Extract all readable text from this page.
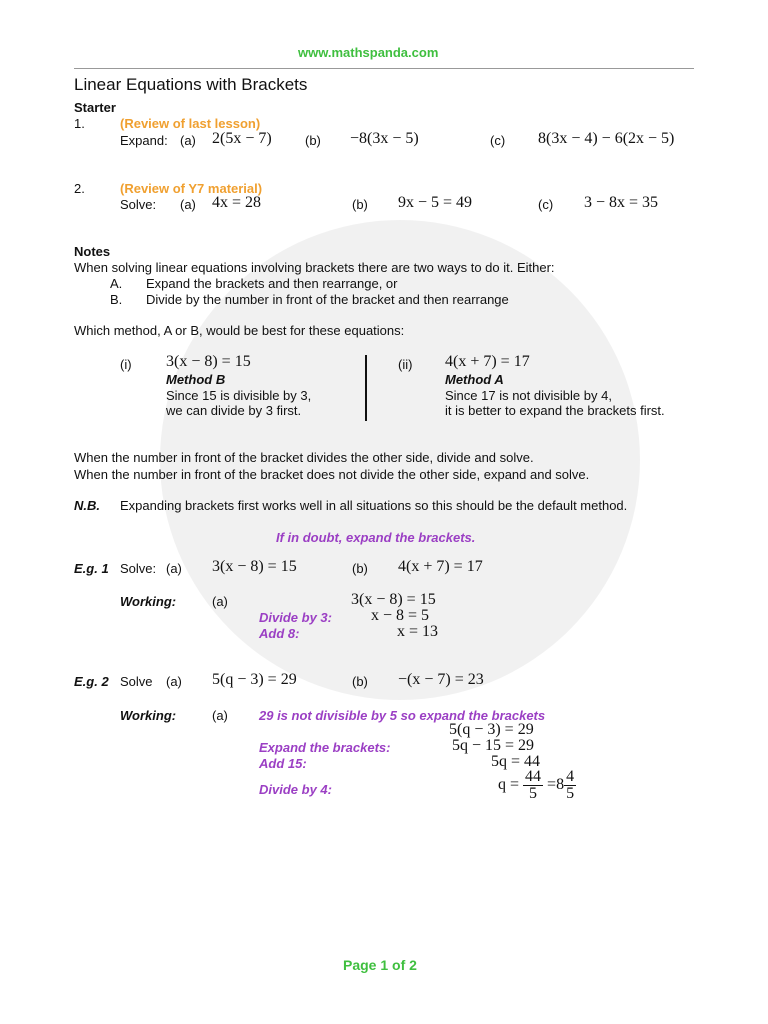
www.mathspanda.com
Linear Equations with Brackets
Starter
1.	(Review of last lesson)
Expand: (a) 2(5x − 7)	(b) −8(3x − 5)	(c) 8(3x − 4) − 6(2x − 5)
2.	(Review of Y7 material)
Solve: (a) 4x = 28	(b) 9x − 5 = 49	(c) 3 − 8x = 35
Notes
When solving linear equations involving brackets there are two ways to do it. Either:
A. Expand the brackets and then rearrange, or
B. Divide by the number in front of the bracket and then rearrange
Which method, A or B, would be best for these equations:
(i) 3(x − 8) = 15
Method B
Since 15 is divisible by 3,
we can divide by 3 first.
(ii) 4(x + 7) = 17
Method A
Since 17 is not divisible by 4,
it is better to expand the brackets first.
When the number in front of the bracket divides the other side, divide and solve.
When the number in front of the bracket does not divide the other side, expand and solve.
N.B. Expanding brackets first works well in all situations so this should be the default method.
If in doubt, expand the brackets.
E.g. 1 Solve: (a) 3(x − 8) = 15	(b) 4(x + 7) = 17
Working:	(a)	3(x − 8) = 15
Divide by 3: x − 8 = 5
Add 8:	x = 13
E.g. 2 Solve (a) 5(q − 3) = 29	(b) −(x − 7) = 23
Working:	(a) 29 is not divisible by 5 so expand the brackets
5(q − 3) = 29
Expand the brackets:	5q − 15 = 29
Add 15:	5q = 44
Divide by 4:	$q = \frac{44}{5} =8 \frac{4}{5}$
Page 1 of 2
